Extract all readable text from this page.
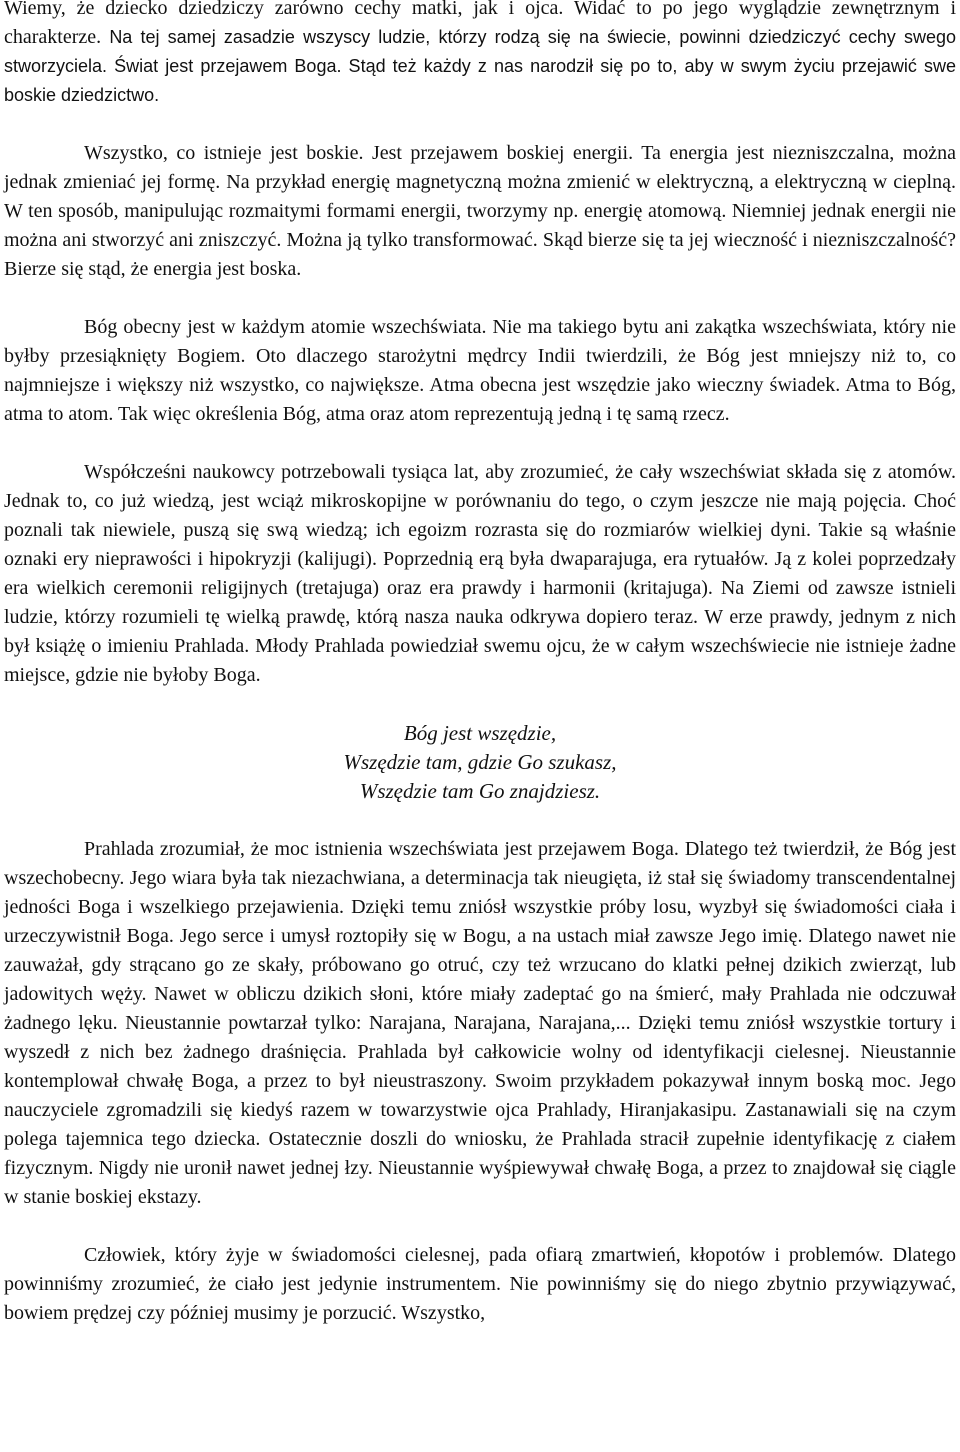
Wiemy, że dziecko dziedziczy zarówno cechy matki, jak i ojca. Widać to po jego wyglądzie zewnętrznym i charakterze. Na tej samej zasadzie wszyscy ludzie, którzy rodzą się na świecie, powinni dziedziczyć cechy swego stworzyciela. Świat jest przejawem Boga. Stąd też każdy z nas narodził się po to, aby w swym życiu przejawić swe boskie dziedzictwo.

Wszystko, co istnieje jest boskie. Jest przejawem boskiej energii. Ta energia jest niezniszczalna, można jednak zmieniać jej formę. Na przykład energię magnetyczną można zmienić w elektryczną, a elektryczną w cieplną. W ten sposób, manipulując rozmaitymi formami energii, tworzymy np. energię atomową. Niemniej jednak energii nie można ani stworzyć ani zniszczyć. Można ją tylko transformować. Skąd bierze się ta jej wieczność i niezniszczalność? Bierze się stąd, że energia jest boska.

Bóg obecny jest w każdym atomie wszechświata. Nie ma takiego bytu ani zakątka wszechświata, który nie byłby przesiąknięty Bogiem. Oto dlaczego starożytni mędrcy Indii twierdzili, że Bóg jest mniejszy niż to, co najmniejsze i większy niż wszystko, co największe. Atma obecna jest wszędzie jako wieczny świadek. Atma to Bóg, atma to atom. Tak więc określenia Bóg, atma oraz atom reprezentują jedną i tę samą rzecz.

Współcześni naukowcy potrzebowali tysiąca lat, aby zrozumieć, że cały wszechświat składa się z atomów. Jednak to, co już wiedzą, jest wciąż mikroskopijne w porównaniu do tego, o czym jeszcze nie mają pojęcia. Choć poznali tak niewiele, puszą się swą wiedzą; ich egoizm rozrasta się do rozmiarów wielkiej dyni. Takie są właśnie oznaki ery nieprawości i hipokryzji (kalijugi). Poprzednią erą była dwaparajuga, era rytuałów. Ją z kolei poprzedzały era wielkich ceremonii religijnych (tretajuga) oraz era prawdy i harmonii (kritajuga). Na Ziemi od zawsze istnieli ludzie, którzy rozumieli tę wielką prawdę, którą nasza nauka odkrywa dopiero teraz. W erze prawdy, jednym z nich był książę o imieniu Prahlada. Młody Prahlada powiedział swemu ojcu, że w całym wszechświecie nie istnieje żadne miejsce, gdzie nie byłoby Boga.

Bóg jest wszędzie,
Wszędzie tam, gdzie Go szukasz,
Wszędzie tam Go znajdziesz.

Prahlada zrozumiał, że moc istnienia wszechświata jest przejawem Boga. Dlatego też twierdził, że Bóg jest wszechobecny. Jego wiara była tak niezachwiana, a determinacja tak nieugięta, iż stał się świadomy transcendentalnej jedności Boga i wszelkiego przejawienia. Dzięki temu zniósł wszystkie próby losu, wyzbył się świadomości ciała i urzeczywistnił Boga. Jego serce i umysł roztopiły się w Bogu, a na ustach miał zawsze Jego imię. Dlatego nawet nie zauważał, gdy strącano go ze skały, próbowano go otruć, czy też wrzucano do klatki pełnej dzikich zwierząt, lub jadowitych węży. Nawet w obliczu dzikich słoni, które miały zadeptać go na śmierć, mały Prahlada nie odczuwał żadnego lęku. Nieustannie powtarzał tylko: Narajana, Narajana, Narajana,... Dzięki temu zniósł wszystkie tortury i wyszedł z nich bez żadnego draśnięcia. Prahlada był całkowicie wolny od identyfikacji cielesnej. Nieustannie kontemplował chwałę Boga, a przez to był nieustraszony. Swoim przykładem pokazywał innym boską moc. Jego nauczyciele zgromadzili się kiedyś razem w towarzystwie ojca Prahlady, Hiranjakasipu. Zastanawiali się na czym polega tajemnica tego dziecka. Ostatecznie doszli do wniosku, że Prahlada stracił zupełnie identyfikację z ciałem fizycznym. Nigdy nie uronił nawet jednej łzy. Nieustannie wyśpiewywał chwałę Boga, a przez to znajdował się ciągle w stanie boskiej ekstazy.

Człowiek, który żyje w świadomości cielesnej, pada ofiarą zmartwień, kłopotów i problemów. Dlatego powinniśmy zrozumieć, że ciało jest jedynie instrumentem. Nie powinniśmy się do niego zbytnio przywiązywać, bowiem prędzej czy później musimy je porzucić. Wszystko,
